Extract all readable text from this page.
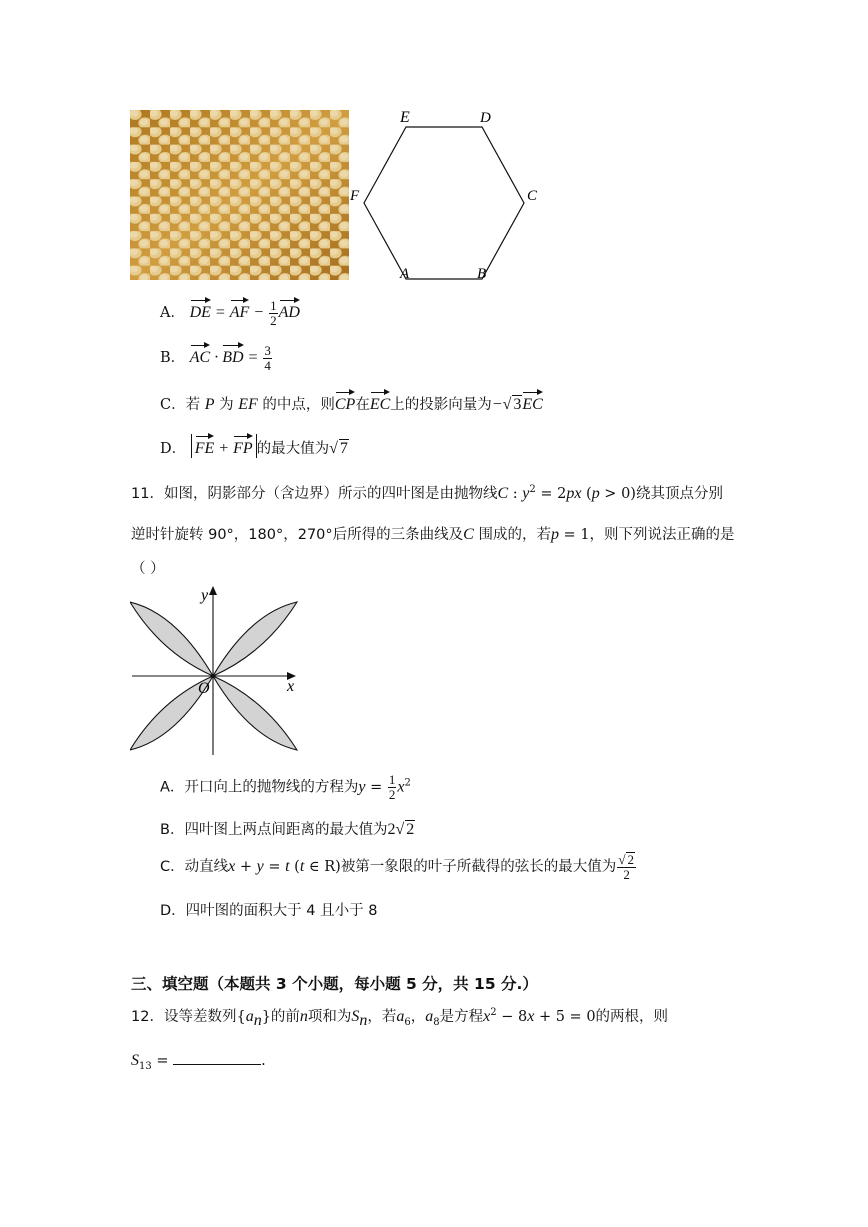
E	D
C
F
A	B
A． DE = AF − $\frac{1}{2}$ AD
B． AC · BD = $\frac{3}{4}$
C．若 P 为 EF 的中点，则CP在EC上的投影向量为−√ 3EC
D． FE + FP 的最大值为√ 7
11．如图，阴影部分（含边界）所示的四叶图是由抛物线C : $y^2 = 2px$ (p > 0)绕其顶点分别
逆时针旋转 90°，180°，270°后所得的三条曲线及C 围成的，若p = 1，则下列说法正确的是
（ ）
y
x
O
A．开口向上的抛物线的方程为$y = \frac{1}{2} x^2$
B．四叶图上两点间距离的最大值为2√ 2
C．动直线x + y = t (t ∈ R)被第一象限的叶子所截得的弦长的最大值为 $\frac{√ 2}{2}$
D．四叶图的面积大于 4 且小于 8
三、填空题（本题共 3 个小题，每小题 5 分，共 15 分.）
12．设等差数列$\{a_n\}$的前n项和为$S_n$，若$a_6$，$a_8$是方程$x^2 - 8x + 5 = 0$的两根，则
$S_{13}$ =	.
